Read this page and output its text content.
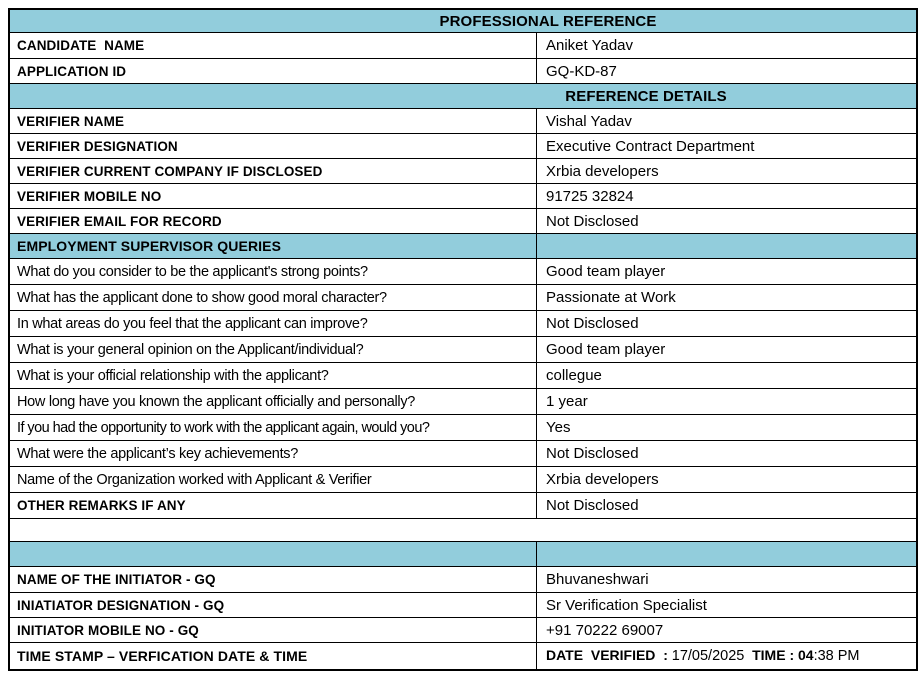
PROFESSIONAL REFERENCE
CANDIDATE  NAME	Aniket Yadav
APPLICATION ID	GQ-KD-87
REFERENCE DETAILS
VERIFIER NAME	Vishal Yadav
VERIFIER DESIGNATION	Executive Contract Department
VERIFIER CURRENT COMPANY IF DISCLOSED	Xrbia developers
VERIFIER MOBILE NO	91725 32824
VERIFIER EMAIL FOR RECORD	Not Disclosed
EMPLOYMENT SUPERVISOR QUERIES
What do you consider to be the applicant's strong points?	Good team player
What has the applicant done to show good moral character?	Passionate at Work
In what areas do you feel that the applicant can improve?	Not Disclosed
What is your general opinion on the Applicant/individual?	Good team player
What is your official relationship with the applicant?	collegue
How long have you known the applicant officially and personally?	1 year
If you had the opportunity to work with the applicant again, would you?	Yes
What were the applicant’s key achievements?	Not Disclosed
Name of the Organization worked with Applicant & Verifier	Xrbia developers
OTHER REMARKS IF ANY	Not Disclosed
NAME OF THE INITIATOR - GQ	Bhuvaneshwari
INIATIATOR DESIGNATION - GQ	Sr Verification Specialist
INITIATOR MOBILE NO - GQ	+91 70222 69007
TIME STAMP – VERFICATION DATE & TIME	DATE  VERIFIED  : 17/05/2025  TIME : 04:38 PM
